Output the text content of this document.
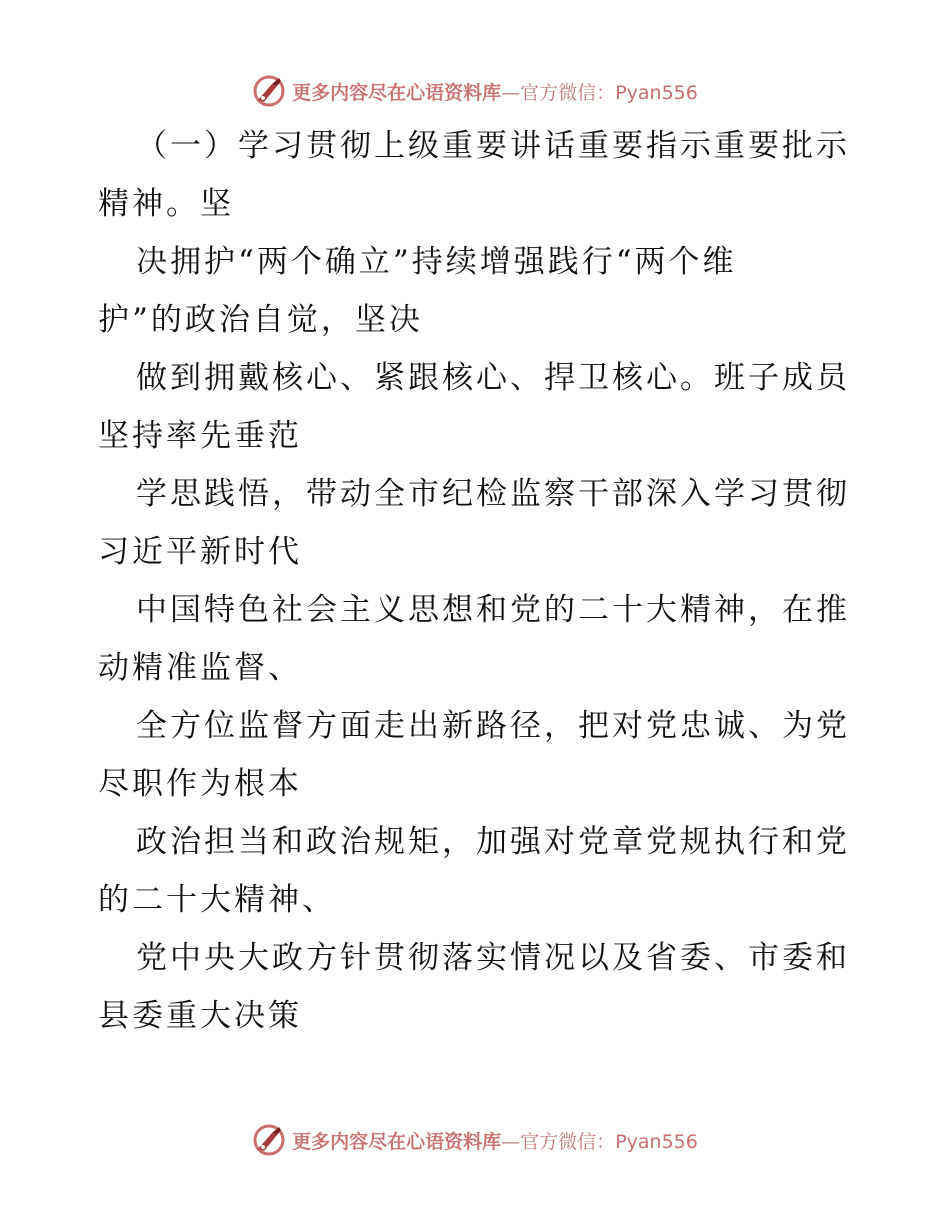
更多内容尽在心语资料库—官方微信：Pyan556
（一）学习贯彻上级重要讲话重要指示重要批示
精神。坚
决拥护“两个确立”持续增强践行“两个维
护”的政治自觉，坚决
做到拥戴核心、紧跟核心、捍卫核心。班子成员
坚持率先垂范
学思践悟，带动全市纪检监察干部深入学习贯彻
习近平新时代
中国特色社会主义思想和党的二十大精神，在推
动精准监督、
全方位监督方面走出新路径，把对党忠诚、为党
尽职作为根本
政治担当和政治规矩，加强对党章党规执行和党
的二十大精神、
党中央大政方针贯彻落实情况以及省委、市委和
县委重大决策
更多内容尽在心语资料库—官方微信：Pyan556
